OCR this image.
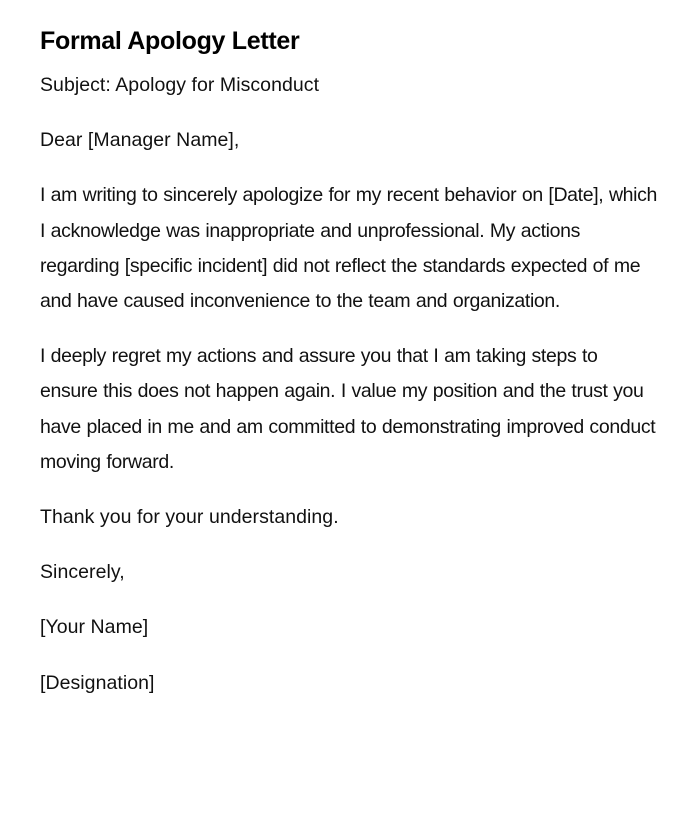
Formal Apology Letter

Subject: Apology for Misconduct

Dear [Manager Name],

I am writing to sincerely apologize for my recent behavior on [Date], which I acknowledge was inappropriate and unprofessional. My actions regarding [specific incident] did not reflect the standards expected of me and have caused inconvenience to the team and organization.

I deeply regret my actions and assure you that I am taking steps to ensure this does not happen again. I value my position and the trust you have placed in me and am committed to demonstrating improved conduct moving forward.

Thank you for your understanding.

Sincerely,

[Your Name]

[Designation]
